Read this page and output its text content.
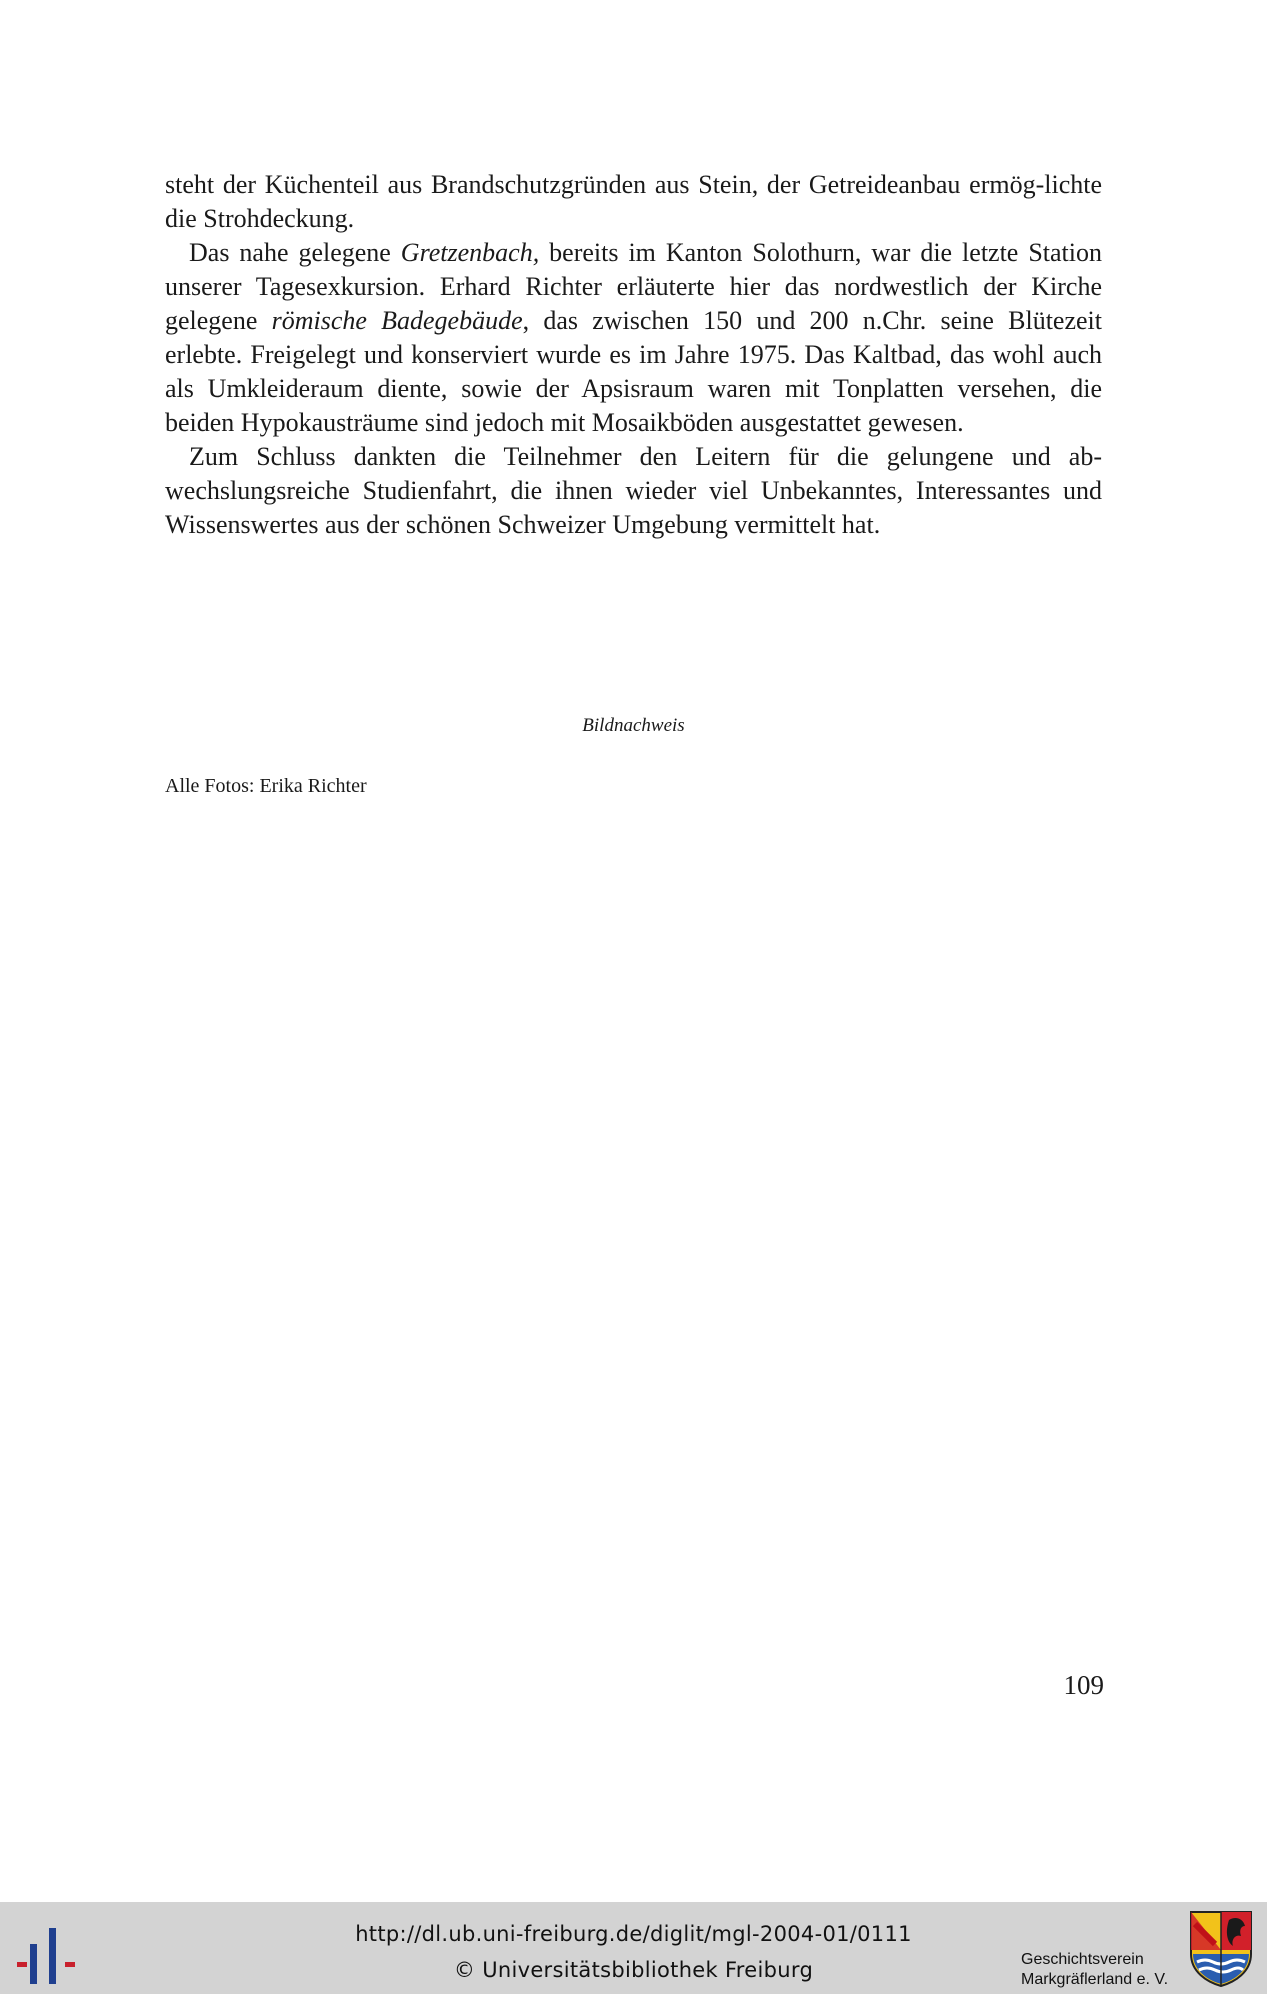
steht der Küchenteil aus Brandschutzgründen aus Stein, der Getreideanbau ermög-lichte die Strohdeckung.

Das nahe gelegene Gretzenbach, bereits im Kanton Solothurn, war die letzte Station unserer Tagesexkursion. Erhard Richter erläuterte hier das nordwestlich der Kirche gelegene römische Badegebäude, das zwischen 150 und 200 n.Chr. seine Blütezeit erlebte. Freigelegt und konserviert wurde es im Jahre 1975. Das Kaltbad, das wohl auch als Umkleideraum diente, sowie der Apsisraum waren mit Tonplatten versehen, die beiden Hypokausträume sind jedoch mit Mosaikböden ausgestattet gewesen.

Zum Schluss dankten die Teilnehmer den Leitern für die gelungene und ab-wechslungsreiche Studienfahrt, die ihnen wieder viel Unbekanntes, Interessantes und Wissenswertes aus der schönen Schweizer Umgebung vermittelt hat.

Bildnachweis
Alle Fotos: Erika Richter
109
http://dl.ub.uni-freiburg.de/diglit/mgl-2004-01/0111
© Universitätsbibliothek Freiburg	Geschichtsverein
Markgräflerland e. V.
